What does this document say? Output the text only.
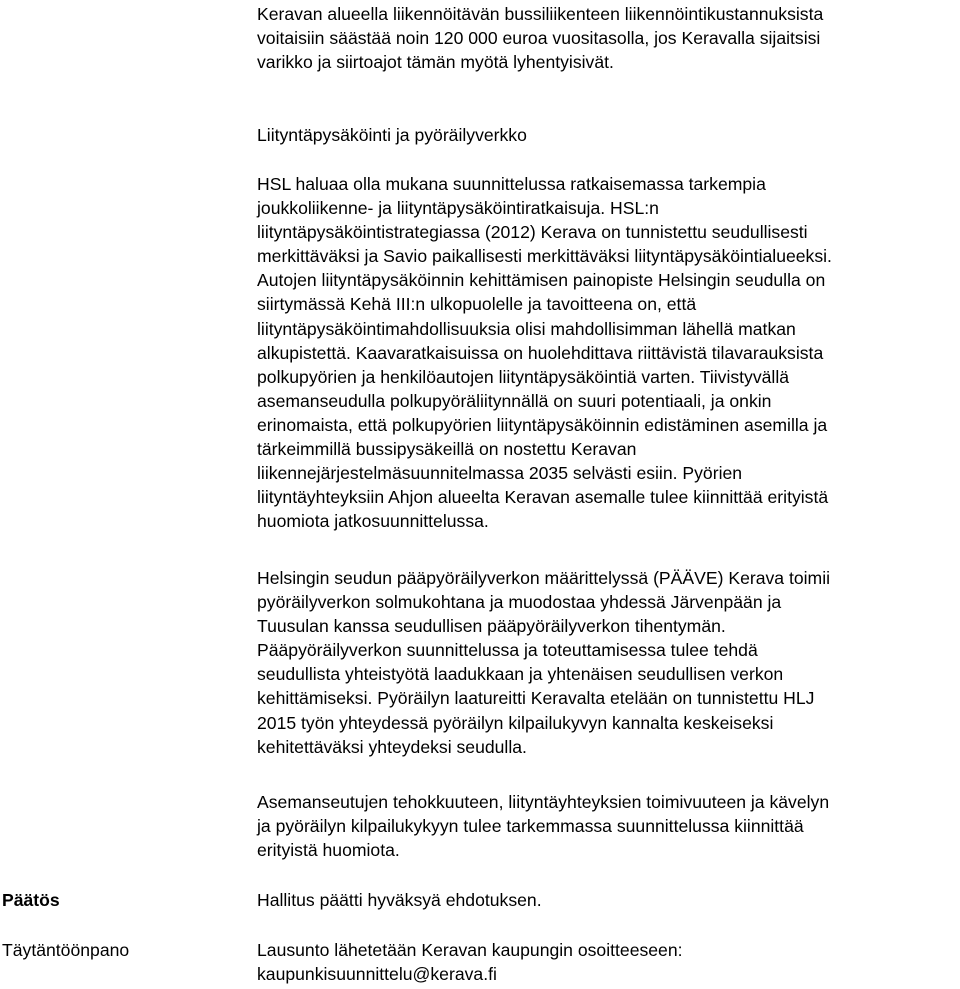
Keravan alueella liikennöitävän bussiliikenteen liikennöintikustannuksista
voitaisiin säästää noin 120 000 euroa vuositasolla, jos Keravalla sijaitsisi
varikko ja siirtoajot tämän myötä lyhentyisivät.

Liityntäpysäköinti ja pyöräilyverkko

HSL haluaa olla mukana suunnittelussa ratkaisemassa tarkempia
joukkoliikenne- ja liityntäpysäköintiratkaisuja. HSL:n
liityntäpysäköintistrategiassa (2012) Kerava on tunnistettu seudullisesti
merkittäväksi ja Savio paikallisesti merkittäväksi liityntäpysäköintialueeksi.
Autojen liityntäpysäköinnin kehittämisen painopiste Helsingin seudulla on
siirtymässä Kehä III:n ulkopuolelle ja tavoitteena on, että
liityntäpysäköintimahdollisuuksia olisi mahdollisimman lähellä matkan
alkupistettä. Kaavaratkaisuissa on huolehdittava riittävistä tilavarauksista
polkupyörien ja henkilöautojen liityntäpysäköintiä varten. Tiivistyvällä
asemanseudulla polkupyöräliitynnällä on suuri potentiaali, ja onkin
erinomaista, että polkupyörien liityntäpysäköinnin edistäminen asemilla ja
tärkeimmillä bussipysäkeillä on nostettu Keravan
liikennejärjestelmäsuunnitelmassa 2035 selvästi esiin. Pyörien
liityntäyhteyksiin Ahjon alueelta Keravan asemalle tulee kiinnittää erityistä
huomiota jatkosuunnittelussa.
Helsingin seudun pääpyöräilyverkon määrittelyssä (PÄÄVE) Kerava toimii
pyöräilyverkon solmukohtana ja muodostaa yhdessä Järvenpään ja
Tuusulan kanssa seudullisen pääpyöräilyverkon tihentymän.
Pääpyöräilyverkon suunnittelussa ja toteuttamisessa tulee tehdä
seudullista yhteistyötä laadukkaan ja yhtenäisen seudullisen verkon
kehittämiseksi. Pyöräilyn laatureitti Keravalta etelään on tunnistettu HLJ
2015 työn yhteydessä pyöräilyn kilpailukyvyn kannalta keskeiseksi
kehitettäväksi yhteydeksi seudulla.
Asemanseutujen tehokkuuteen, liityntäyhteyksien toimivuuteen ja kävelyn
ja pyöräilyn kilpailukykyyn tulee tarkemmassa suunnittelussa kiinnittää
erityistä huomiota.

Päätös	Hallitus päätti hyväksyä ehdotuksen.

Täytäntöönpano	Lausunto lähetetään Keravan kaupungin osoitteeseen:
kaupunkisuunnittelu@kerava.fi
